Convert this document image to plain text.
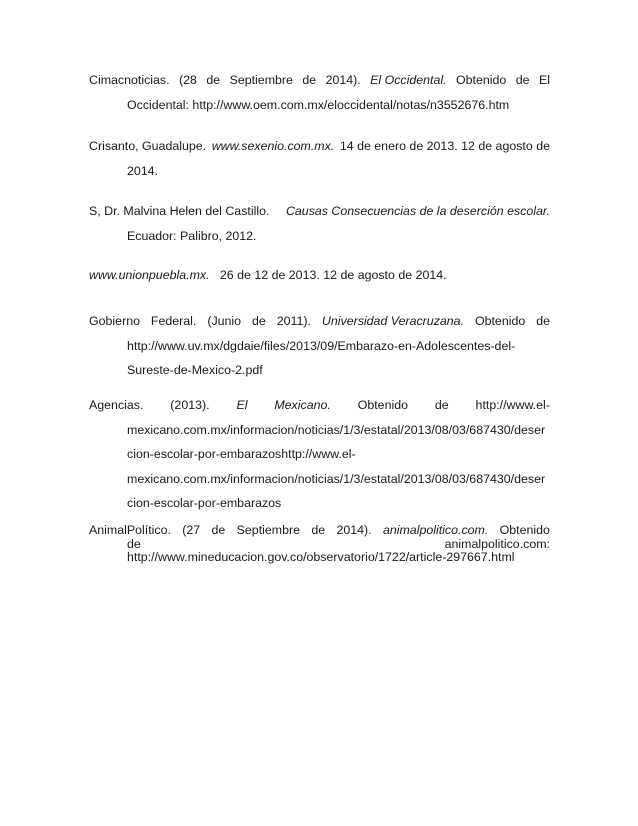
Cimacnoticias. (28 de Septiembre de 2014). El Occidental. Obtenido de El
Occidental: http://www.oem.com.mx/eloccidental/notas/n3552676.htm
Crisanto, Guadalupe. www.sexenio.com.mx. 14 de enero de 2013. 12 de agosto de
2014.
S, Dr. Malvina Helen del Castillo. Causas Consecuencias de la deserción escolar.
Ecuador: Palibro, 2012.
www.unionpuebla.mx. 26 de 12 de 2013. 12 de agosto de 2014.
Gobierno Federal. (Junio de 2011). Universidad Veracruzana. Obtenido de
http://www.uv.mx/dgdaie/files/2013/09/Embarazo-en-Adolescentes-del-
Sureste-de-Mexico-2.pdf
Agencias. (2013). El Mexicano. Obtenido de http://www.el-
mexicano.com.mx/informacion/noticias/1/3/estatal/2013/08/03/687430/deser
cion-escolar-por-embarazoshttp://www.el-
mexicano.com.mx/informacion/noticias/1/3/estatal/2013/08/03/687430/deser
cion-escolar-por-embarazos
AnimalPolítico. (27 de Septiembre de 2014). animalpolitico.com. Obtenido
de	animalpolitico.com:
http://www.mineducacion.gov.co/observatorio/1722/article-297667.html
